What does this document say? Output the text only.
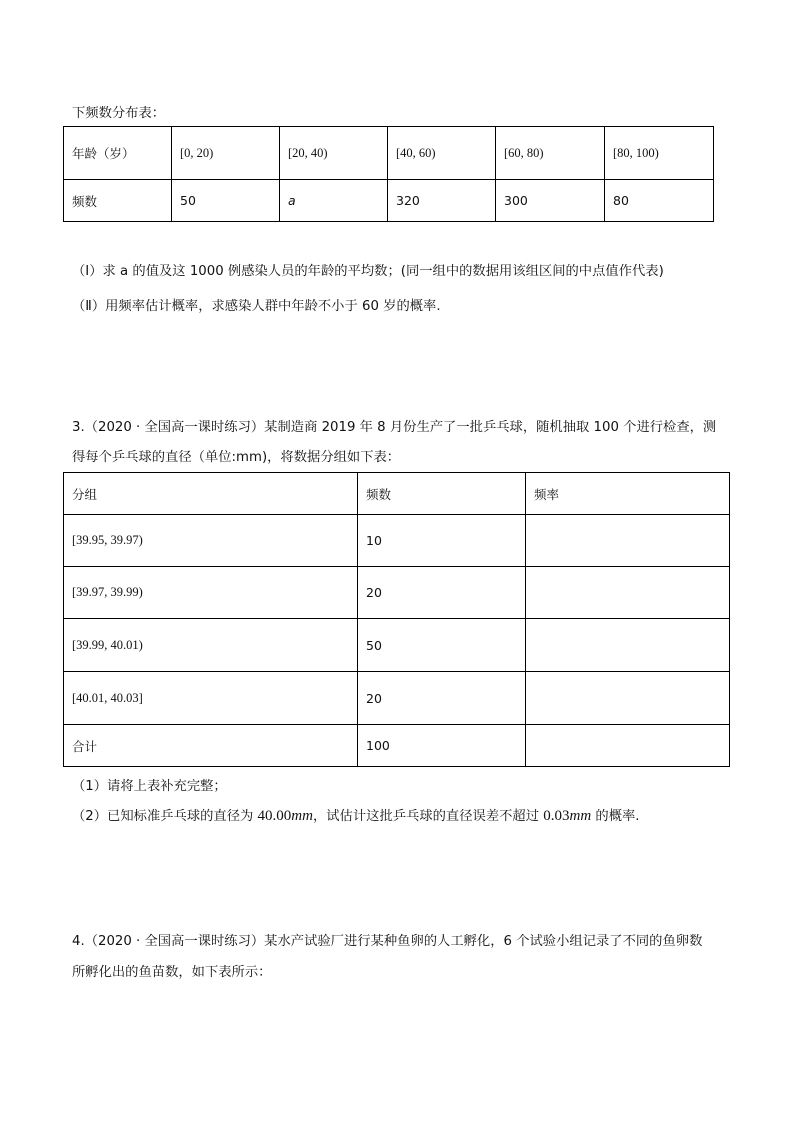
下频数分布表：
年龄（岁）	[0, 20)	[20, 40)	[40, 60)	[60, 80)	[80, 100)
频数	50	a	320	300	80
（Ⅰ）求 a 的值及这 1000 例感染人员的年龄的平均数；(同一组中的数据用该组区间的中点值作代表)
（Ⅱ）用频率估计概率，求感染人群中年龄不小于 60 岁的概率.
3.（2020 · 全国高一课时练习）某制造商 2019 年 8 月份生产了一批乒乓球，随机抽取 100 个进行检查，测
得每个乒乓球的直径（单位:mm)，将数据分组如下表：
分组	频数	频率
[39.95, 39.97)	10	
[39.97, 39.99)	20	
[39.99, 40.01)	50	
[40.01, 40.03]	20	
合计	100	
（1）请将上表补充完整；
（2）已知标准乒乓球的直径为 40.00mm，试估计这批乒乓球的直径误差不超过 0.03mm 的概率.
4.（2020 · 全国高一课时练习）某水产试验厂进行某种鱼卵的人工孵化，6 个试验小组记录了不同的鱼卵数
所孵化出的鱼苗数，如下表所示：
